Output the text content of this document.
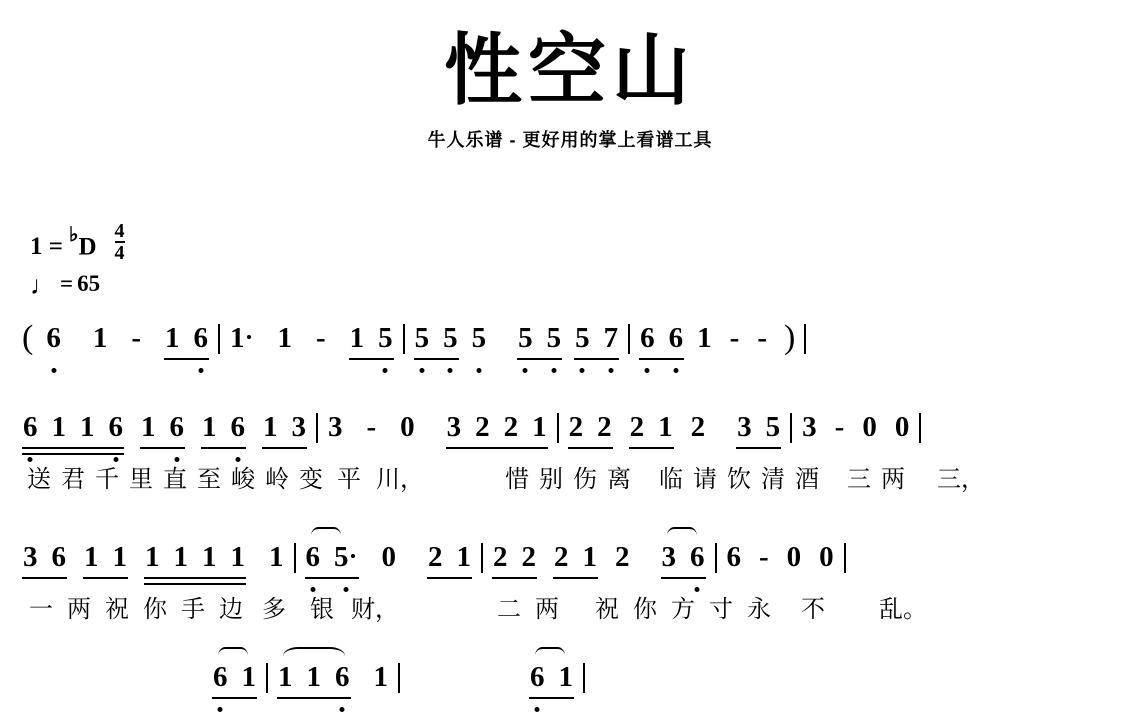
性空山
牛人乐谱 - 更好用的掌上看谱工具
$1 = ^♭D \frac{4}{4}$
♩ = 65
( 6 1 - 1 6 1	1 - 1 5 5 5 5 5 5 5 7 6 6 1 - - )
6 1 1 6 1 6 1 6 1 3 3 - 0 3 2 2 1 2 2 2 1 2 3 5 3 - 0 0
送 君 千 里 直 至 峻 岭 变 平 川，	惜 别 伤 离 临 请 饮 清 酒 三 两 三，
3 6 1 1 1 1 1 1 1 6 5	0 2 1 2 2 2 1 2 3 6 6 - 0 0
一 两 祝 你 手 边 多	银 财，	二 两 祝 你 方 寸 永 不 乱。
6 1 1 1 6 1	6 1
